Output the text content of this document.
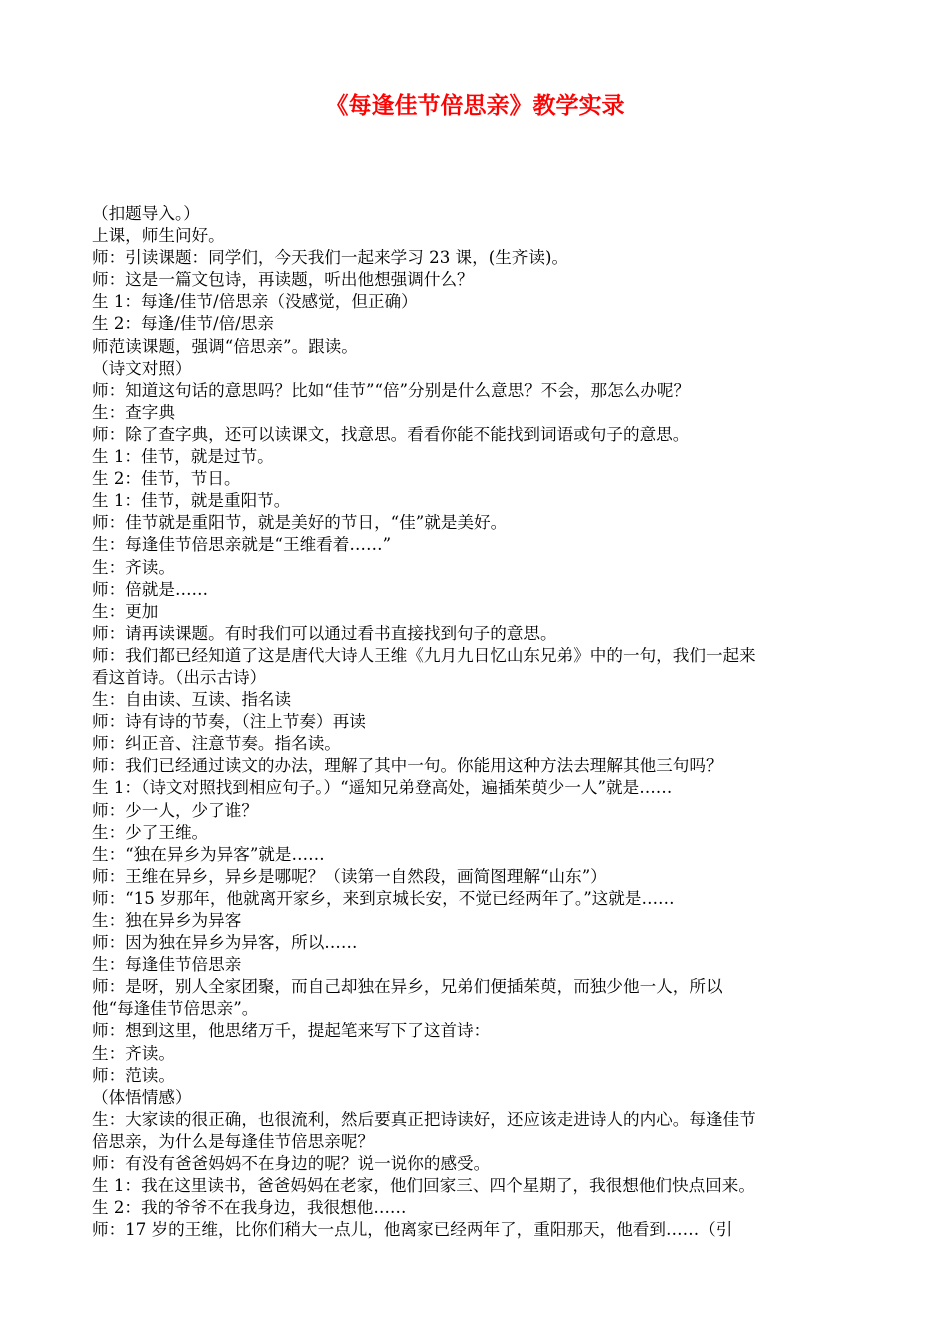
《每逢佳节倍思亲》教学实录
（扣题导入。）
上课，师生问好。
师：引读课题：同学们，今天我们一起来学习 23 课，(生齐读)。
师：这是一篇文包诗，再读题，听出他想强调什么？
生 1：每逢/佳节/倍思亲（没感觉，但正确）
生 2：每逢/佳节/倍/思亲
师范读课题，强调“倍思亲”。跟读。
（诗文对照）
师：知道这句话的意思吗？比如“佳节”“倍”分别是什么意思？不会，那怎么办呢？
生：查字典
师：除了查字典，还可以读课文，找意思。看看你能不能找到词语或句子的意思。
生 1：佳节，就是过节。
生 2：佳节，节日。
生 1：佳节，就是重阳节。
师：佳节就是重阳节，就是美好的节日，“佳”就是美好。
生：每逢佳节倍思亲就是“王维看着……”
生：齐读。
师：倍就是……
生：更加
师：请再读课题。有时我们可以通过看书直接找到句子的意思。
师：我们都已经知道了这是唐代大诗人王维《九月九日忆山东兄弟》中的一句，我们一起来
看这首诗。（出示古诗）
生：自由读、互读、指名读
师：诗有诗的节奏，（注上节奏）再读
师：纠正音、注意节奏。指名读。
师：我们已经通过读文的办法，理解了其中一句。你能用这种方法去理解其他三句吗？
生 1：（诗文对照找到相应句子。）“遥知兄弟登高处，遍插茱萸少一人”就是……
师：少一人，少了谁？
生：少了王维。
生：“独在异乡为异客”就是……
师：王维在异乡，异乡是哪呢？（读第一自然段，画简图理解“山东”）
师：“15 岁那年，他就离开家乡，来到京城长安，不觉已经两年了。”这就是……
生：独在异乡为异客
师：因为独在异乡为异客，所以……
生：每逢佳节倍思亲
师：是呀，别人全家团聚，而自己却独在异乡，兄弟们便插茱萸，而独少他一人，所以
他“每逢佳节倍思亲”。
师：想到这里，他思绪万千，提起笔来写下了这首诗：
生：齐读。
师：范读。
（体悟情感）
生：大家读的很正确，也很流利，然后要真正把诗读好，还应该走进诗人的内心。每逢佳节
倍思亲，为什么是每逢佳节倍思亲呢？
师：有没有爸爸妈妈不在身边的呢？说一说你的感受。
生 1：我在这里读书，爸爸妈妈在老家，他们回家三、四个星期了，我很想他们快点回来。
生 2：我的爷爷不在我身边，我很想他……
师：17 岁的王维，比你们稍大一点儿，他离家已经两年了，重阳那天，他看到……（引
